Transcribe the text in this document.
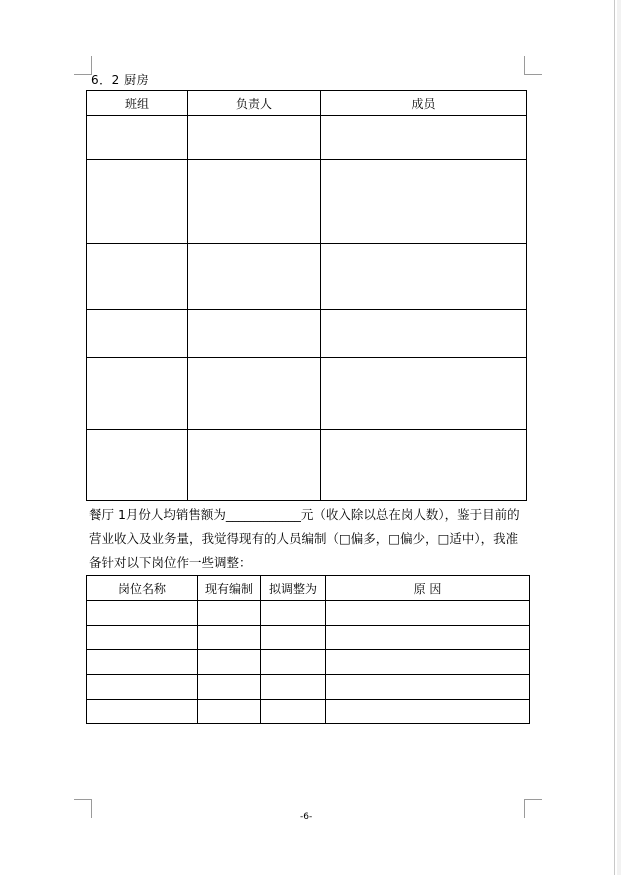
6．2 厨房
班组	负责人	成员

餐厅 1月份人均销售额为____________元（收入除以总在岗人数），鉴于目前的
营业收入及业务量，我觉得现有的人员编制（□偏多，□偏少，□适中），我准
备针对以下岗位作一些调整：
岗位名称	现有编制	拟调整为	原 因

-6-
